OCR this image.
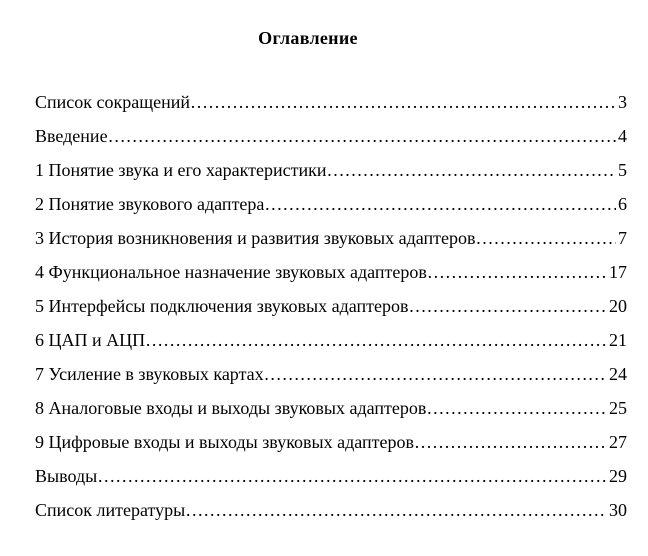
Оглавление
Список сокращений ……………………………………………………………………………………………………………………………………………………………………	3
Введение ……………………………………………………………………………………………………………………………………………………………………	4
1 Понятие звука и его характеристики ……………………………………………………………………………………………………………………………………………………………………	5
2 Понятие звукового адаптера ……………………………………………………………………………………………………………………………………………………………………	6
3 История возникновения и развития звуковых адаптеров ……………………………………………………………………………………………………………………………………………………………………	7
4 Функциональное назначение звуковых адаптеров ……………………………………………………………………………………………………………………………………………………………………	17
5 Интерфейсы подключения звуковых адаптеров ……………………………………………………………………………………………………………………………………………………………………	20
6 ЦАП и АЦП ……………………………………………………………………………………………………………………………………………………………………	21
7 Усиление в звуковых картах ……………………………………………………………………………………………………………………………………………………………………	24
8 Аналоговые входы и выходы звуковых адаптеров ……………………………………………………………………………………………………………………………………………………………………	25
9 Цифровые входы и выходы звуковых адаптеров ……………………………………………………………………………………………………………………………………………………………………	27
Выводы ……………………………………………………………………………………………………………………………………………………………………	29
Список литературы ……………………………………………………………………………………………………………………………………………………………………	30
